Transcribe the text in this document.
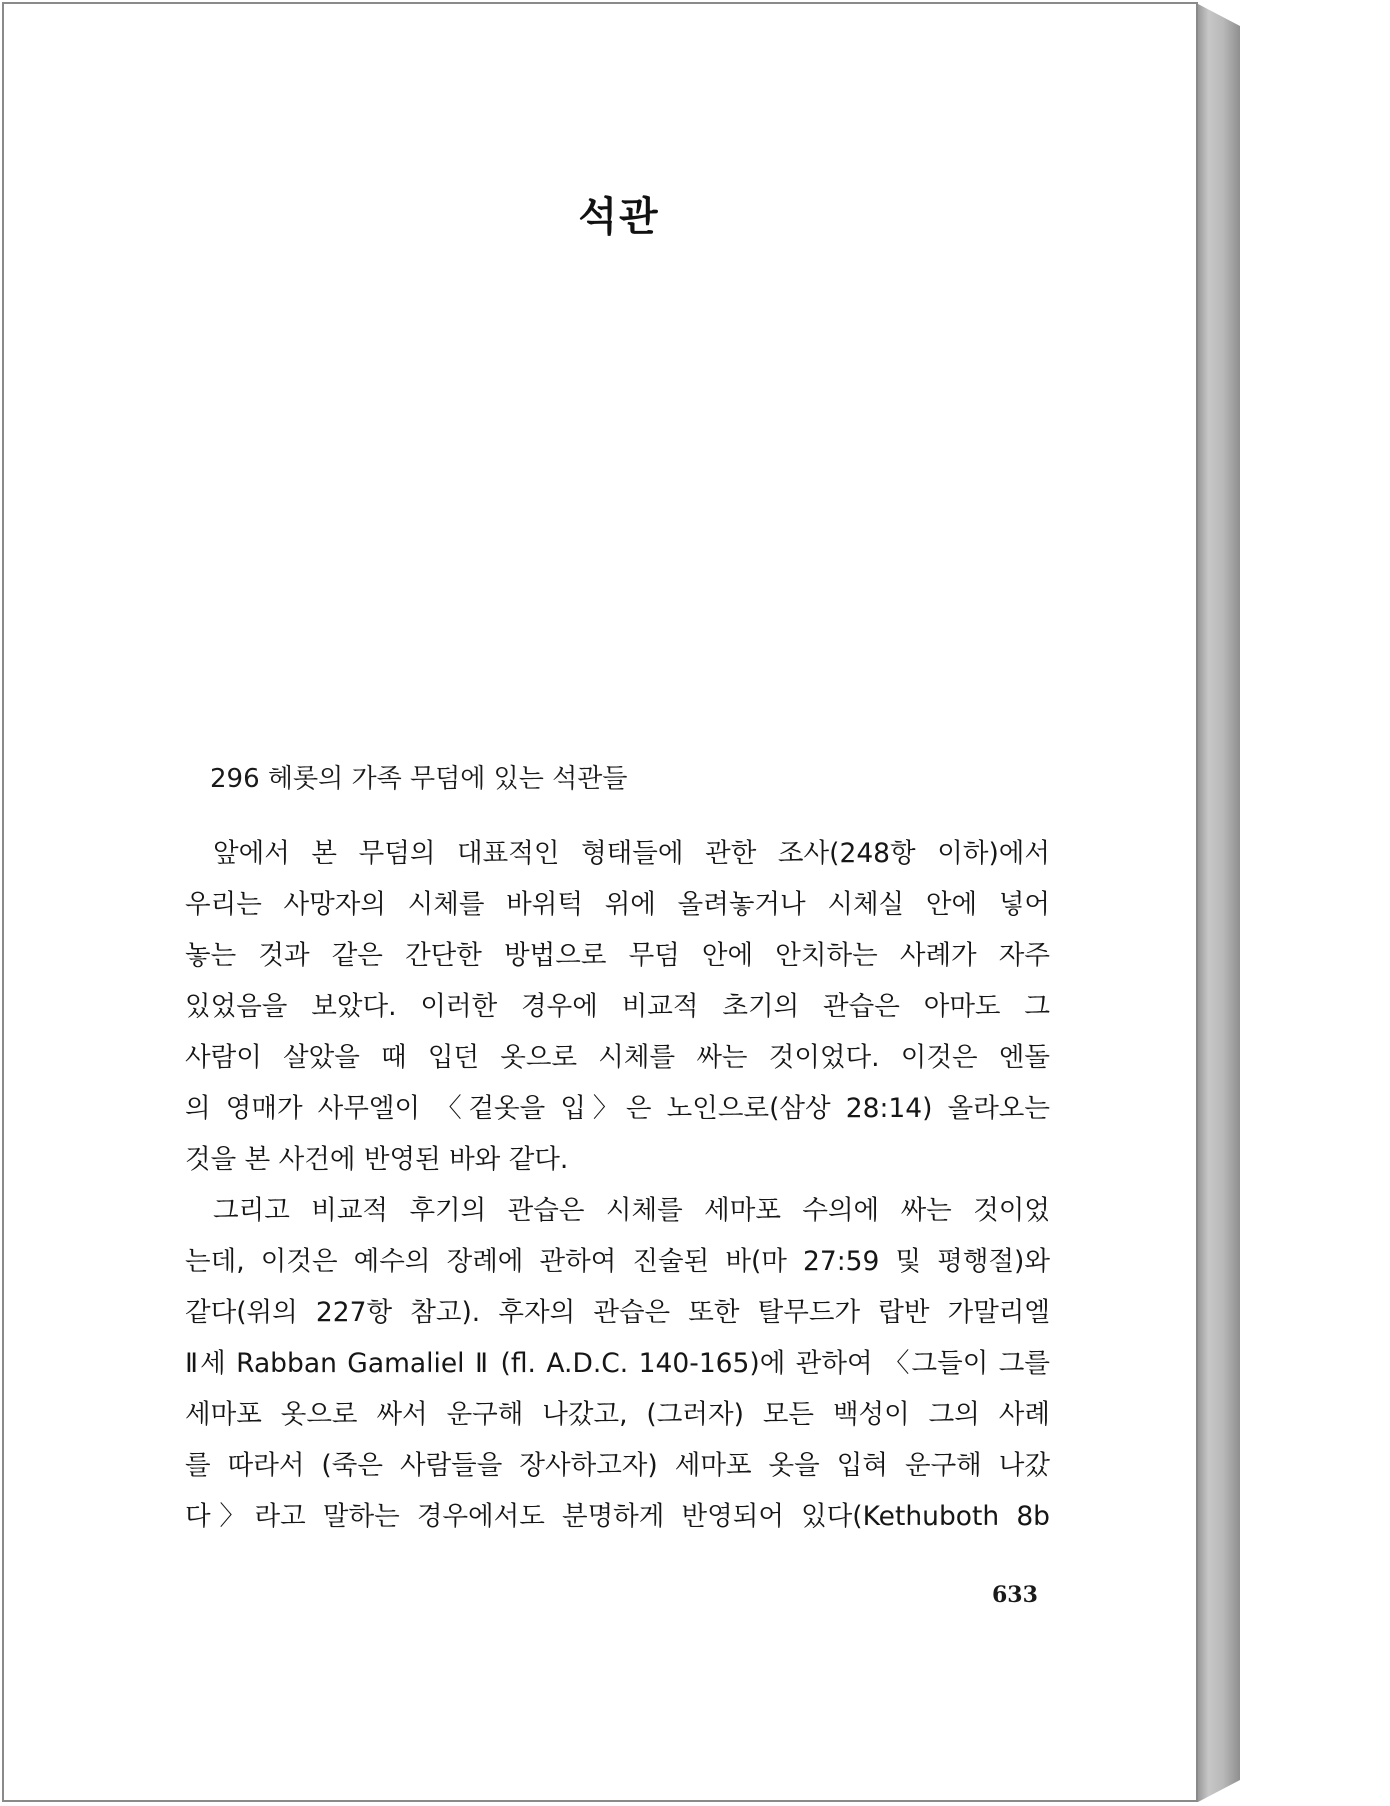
석관
296 헤롯의 가족 무덤에 있는 석관들
앞에서 본 무덤의 대표적인 형태들에 관한 조사(248항 이하)에서
우리는 사망자의 시체를 바위턱 위에 올려놓거나 시체실 안에 넣어
놓는 것과 같은 간단한 방법으로 무덤 안에 안치하는 사례가 자주
있었음을 보았다. 이러한 경우에 비교적 초기의 관습은 아마도 그
사람이 살았을 때 입던 옷으로 시체를 싸는 것이었다. 이것은 엔돌
의 영매가 사무엘이 〈겉옷을 입〉은 노인으로(삼상 28:14) 올라오는
것을 본 사건에 반영된 바와 같다.
그리고 비교적 후기의 관습은 시체를 세마포 수의에 싸는 것이었
는데, 이것은 예수의 장례에 관하여 진술된 바(마 27:59 및 평행절)와
같다(위의 227항 참고). 후자의 관습은 또한 탈무드가 랍반 가말리엘
Ⅱ세 Rabban Gamaliel Ⅱ (fl. A.D.C. 140-165)에 관하여 〈그들이 그를
세마포 옷으로 싸서 운구해 나갔고, (그러자) 모든 백성이 그의 사례
를 따라서 (죽은 사람들을 장사하고자) 세마포 옷을 입혀 운구해 나갔
다〉라고 말하는 경우에서도 분명하게 반영되어 있다(Kethuboth 8b
633
